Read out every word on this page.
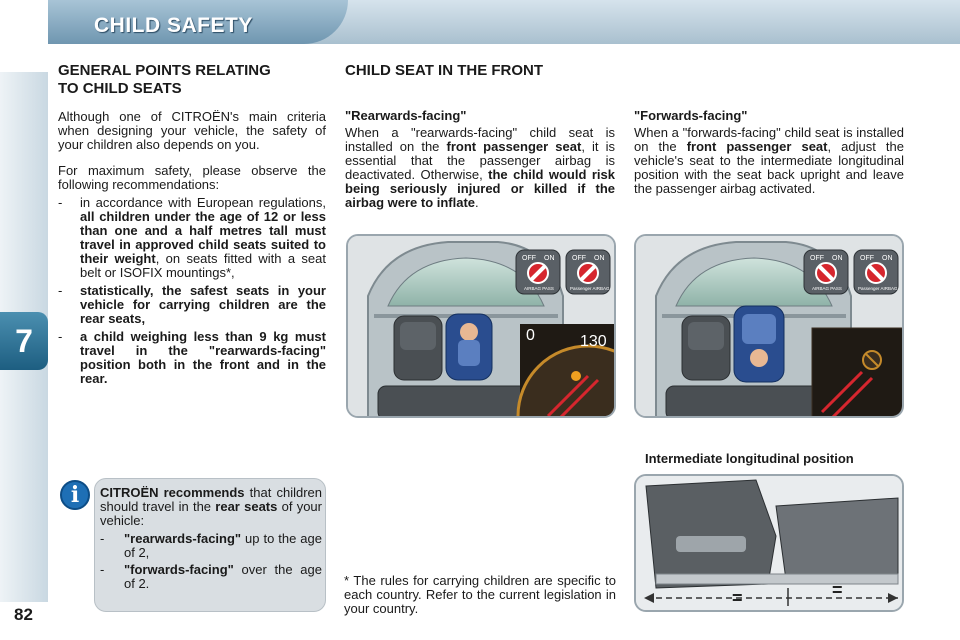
CHILD SAFETY
7
82
GENERAL POINTS RELATING
TO CHILD SEATS
Although one of CITROËN's main criteria when designing your vehicle, the safety of your children also depends on you.
For maximum safety, please observe the following recommendations:
- in accordance with European regulations, all children under the age of 12 or less than one and a half metres tall must travel in approved child seats suited to their weight, on seats fitted with a seat belt or ISOFIX mountings*,
- statistically, the safest seats in your vehicle for carrying children are the rear seats,
- a child weighing less than 9 kg must travel in the "rearwards-facing" position both in the front and in the rear.
i	CITROËN recommends that children should travel in the rear seats of your vehicle:
- "rearwards-facing" up to the age of 2,
- "forwards-facing" over the age of 2.
CHILD SEAT IN THE FRONT
"Rearwards-facing"
When a "rearwards-facing" child seat is installed on the front passenger seat, it is essential that the passenger airbag is deactivated. Otherwise, the child would risk being seriously injured or killed if the airbag were to inflate.
"Forwards-facing"
When a "forwards-facing" child seat is installed on the front passenger seat, adjust the vehicle's seat to the intermediate longitudinal position with the seat back upright and leave the passenger airbag activated.
OFF ON
AIRBAG PASS
OFF ON
Passenger AIRBAG
0	130
OFF ON
AIRBAG PASS
OFF ON
Passenger AIRBAG
Intermediate longitudinal position
=	=
* The rules for carrying children are specific to each country. Refer to the current legislation in your country.
